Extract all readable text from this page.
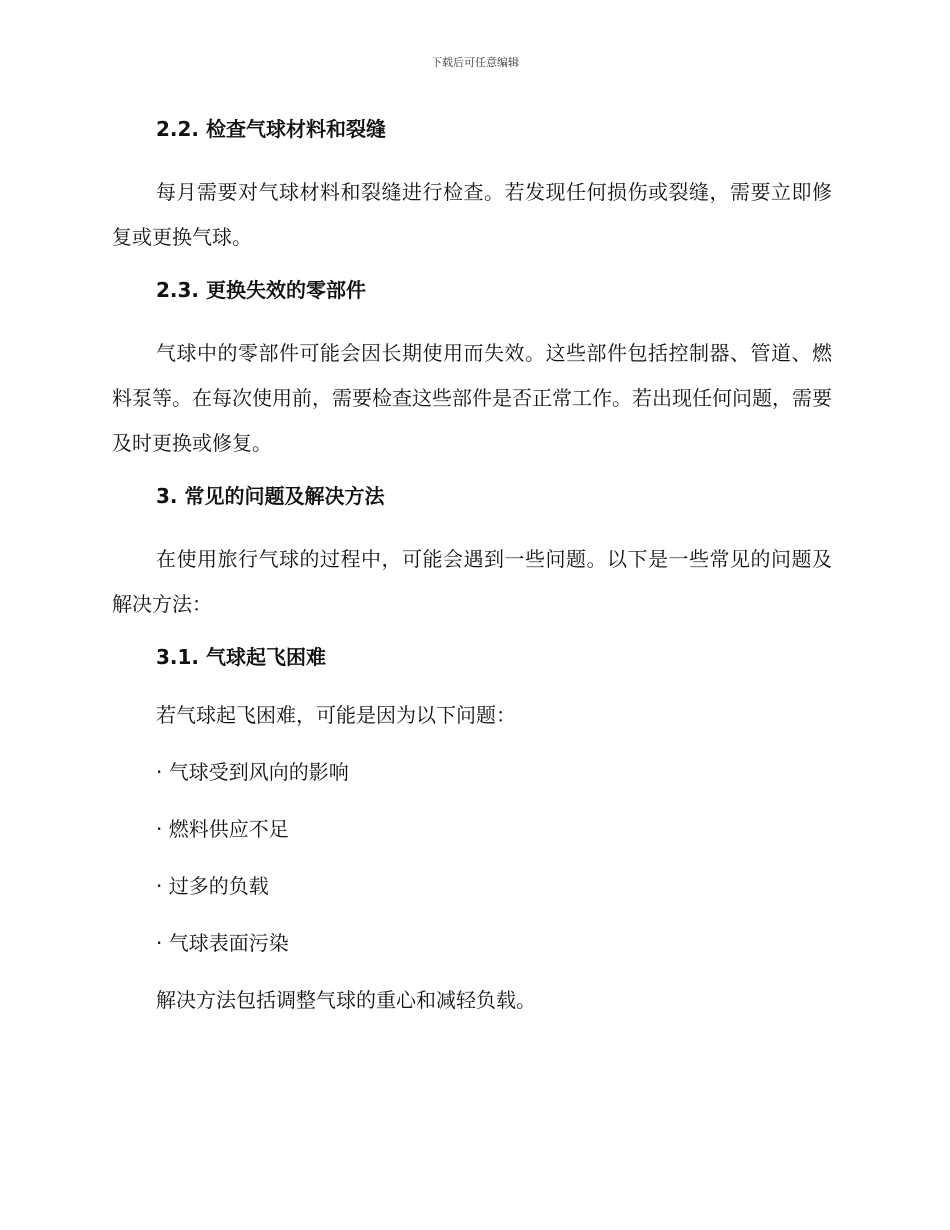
下载后可任意编辑
2.2. 检查气球材料和裂缝

每月需要对气球材料和裂缝进行检查。若发现任何损伤或裂缝，需要立即修复或更换气球。

2.3. 更换失效的零部件

气球中的零部件可能会因长期使用而失效。这些部件包括控制器、管道、燃料泵等。在每次使用前，需要检查这些部件是否正常工作。若出现任何问题，需要及时更换或修复。

3. 常见的问题及解决方法

在使用旅行气球的过程中，可能会遇到一些问题。以下是一些常见的问题及解决方法：

3.1. 气球起飞困难

若气球起飞困难，可能是因为以下问题：

· 气球受到风向的影响

· 燃料供应不足

· 过多的负载

· 气球表面污染

解决方法包括调整气球的重心和减轻负载。
